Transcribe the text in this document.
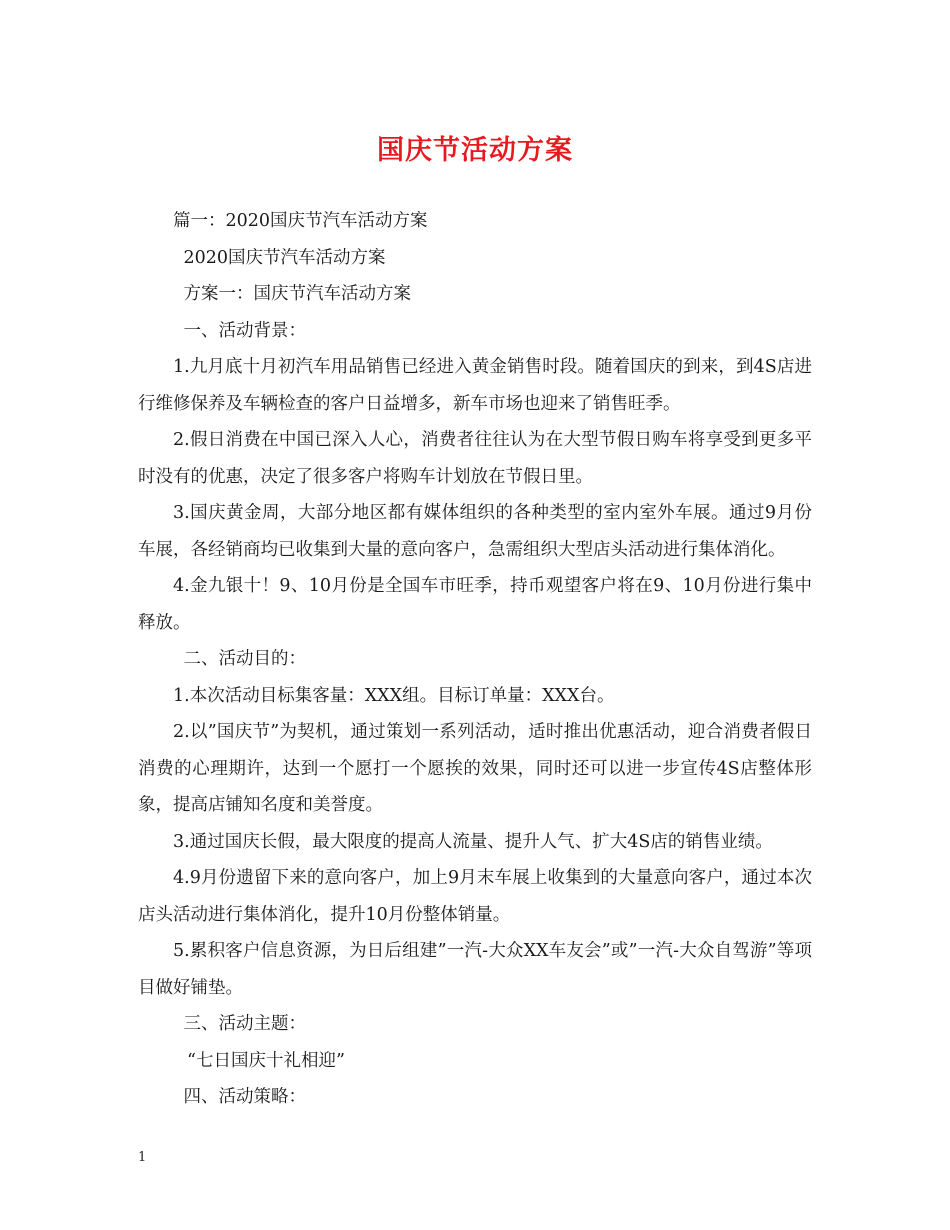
国庆节活动方案

篇一：2020国庆节汽车活动方案

2020国庆节汽车活动方案

方案一：国庆节汽车活动方案

一、活动背景：

1.九月底十月初汽车用品销售已经进入黄金销售时段。随着国庆的到来，到4S店进行维修保养及车辆检查的客户日益增多，新车市场也迎来了销售旺季。

2.假日消费在中国已深入人心，消费者往往认为在大型节假日购车将享受到更多平时没有的优惠，决定了很多客户将购车计划放在节假日里。

3.国庆黄金周，大部分地区都有媒体组织的各种类型的室内室外车展。通过9月份车展，各经销商均已收集到大量的意向客户，急需组织大型店头活动进行集体消化。

4.金九银十！9、10月份是全国车市旺季，持币观望客户将在9、10月份进行集中释放。

二、活动目的：

1.本次活动目标集客量：XXX组。目标订单量：XXX台。

2.以”国庆节”为契机，通过策划一系列活动，适时推出优惠活动，迎合消费者假日消费的心理期许，达到一个愿打一个愿挨的效果，同时还可以进一步宣传4S店整体形象，提高店铺知名度和美誉度。

3.通过国庆长假，最大限度的提高人流量、提升人气、扩大4S店的销售业绩。

4.9月份遗留下来的意向客户，加上9月末车展上收集到的大量意向客户，通过本次店头活动进行集体消化，提升10月份整体销量。

5.累积客户信息资源，为日后组建”一汽-大众XX车友会”或”一汽-大众自驾游”等项目做好铺垫。

三、活动主题：

“七日国庆十礼相迎”

四、活动策略：

1
